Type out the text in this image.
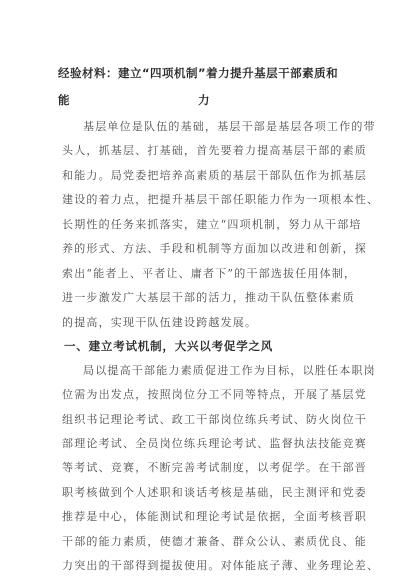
经验材料：建立“四项机制”着力提升基层干部素质和能	力
基层单位是队伍的基础，基层干部是基层各项工作的带
头人，抓基层、打基础，首先要着力提高基层干部的素质
和能力。局党委把培养高素质的基层干部队伍作为抓基层
建设的着力点，把提升基层干部任职能力作为一项根本性、
长期性的任务来抓落实，建立“四项机制，努力从干部培
养的形式、方法、手段和机制等方面加以改进和创新，探
索出“能者上、平者让、庸者下”的干部选拔任用体制，
进一步激发广大基层干部的活力，推动干队伍整体素质
的提高，实现干队伍建设跨越发展。
一、建立考试机制，大兴以考促学之风
局以提高干部能力素质促进工作为目标，以胜任本职岗
位需为出发点，按照岗位分工不同等特点，开展了基层党
组织书记理论考试、政工干部岗位练兵考试、防火岗位干
部理论考试、全员岗位练兵理论考试、监督执法技能竞赛
等考试、竞赛，不断完善考试制度，以考促学。在干部晋
职考核做到个人述职和谈话考核是基础，民主测评和党委
推荐是中心，体能测试和理论考试是依据，全面考核晋职
干部的能力素质，使德才兼备、群众公认、素质优良、能
力突出的干部得到提拔使用。对体能底子薄、业务理论差、
